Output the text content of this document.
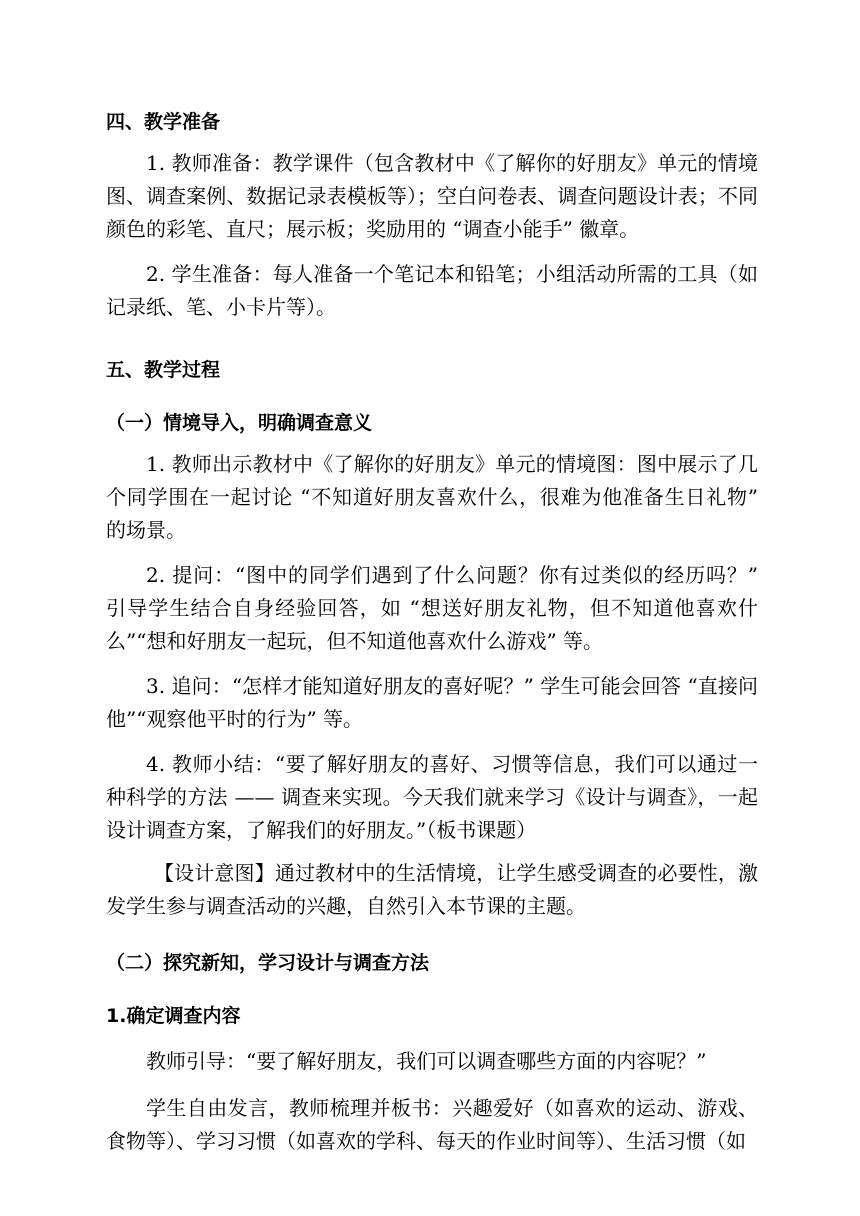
四、教学准备

1. 教师准备：教学课件（包含教材中《了解你的好朋友》单元的情境图、调查案例、数据记录表模板等）；空白问卷表、调查问题设计表；不同颜色的彩笔、直尺；展示板；奖励用的 “调查小能手” 徽章。

2. 学生准备：每人准备一个笔记本和铅笔；小组活动所需的工具（如记录纸、笔、小卡片等）。

五、教学过程

（一）情境导入，明确调查意义

1. 教师出示教材中《了解你的好朋友》单元的情境图：图中展示了几个同学围在一起讨论 “不知道好朋友喜欢什么，很难为他准备生日礼物” 的场景。

2. 提问：“图中的同学们遇到了什么问题？你有过类似的经历吗？” 引导学生结合自身经验回答，如 “想送好朋友礼物，但不知道他喜欢什么”“想和好朋友一起玩，但不知道他喜欢什么游戏” 等。

3. 追问：“怎样才能知道好朋友的喜好呢？” 学生可能会回答 “直接问他”“观察他平时的行为” 等。

4. 教师小结：“要了解好朋友的喜好、习惯等信息，我们可以通过一种科学的方法 —— 调查来实现。今天我们就来学习《设计与调查》，一起设计调查方案，了解我们的好朋友。”（板书课题）

【设计意图】通过教材中的生活情境，让学生感受调查的必要性，激发学生参与调查活动的兴趣，自然引入本节课的主题。

（二）探究新知，学习设计与调查方法

1.确定调查内容

教师引导：“要了解好朋友，我们可以调查哪些方面的内容呢？”

学生自由发言，教师梳理并板书：兴趣爱好（如喜欢的运动、游戏、食物等）、学习习惯（如喜欢的学科、每天的作业时间等）、生活习惯（如
